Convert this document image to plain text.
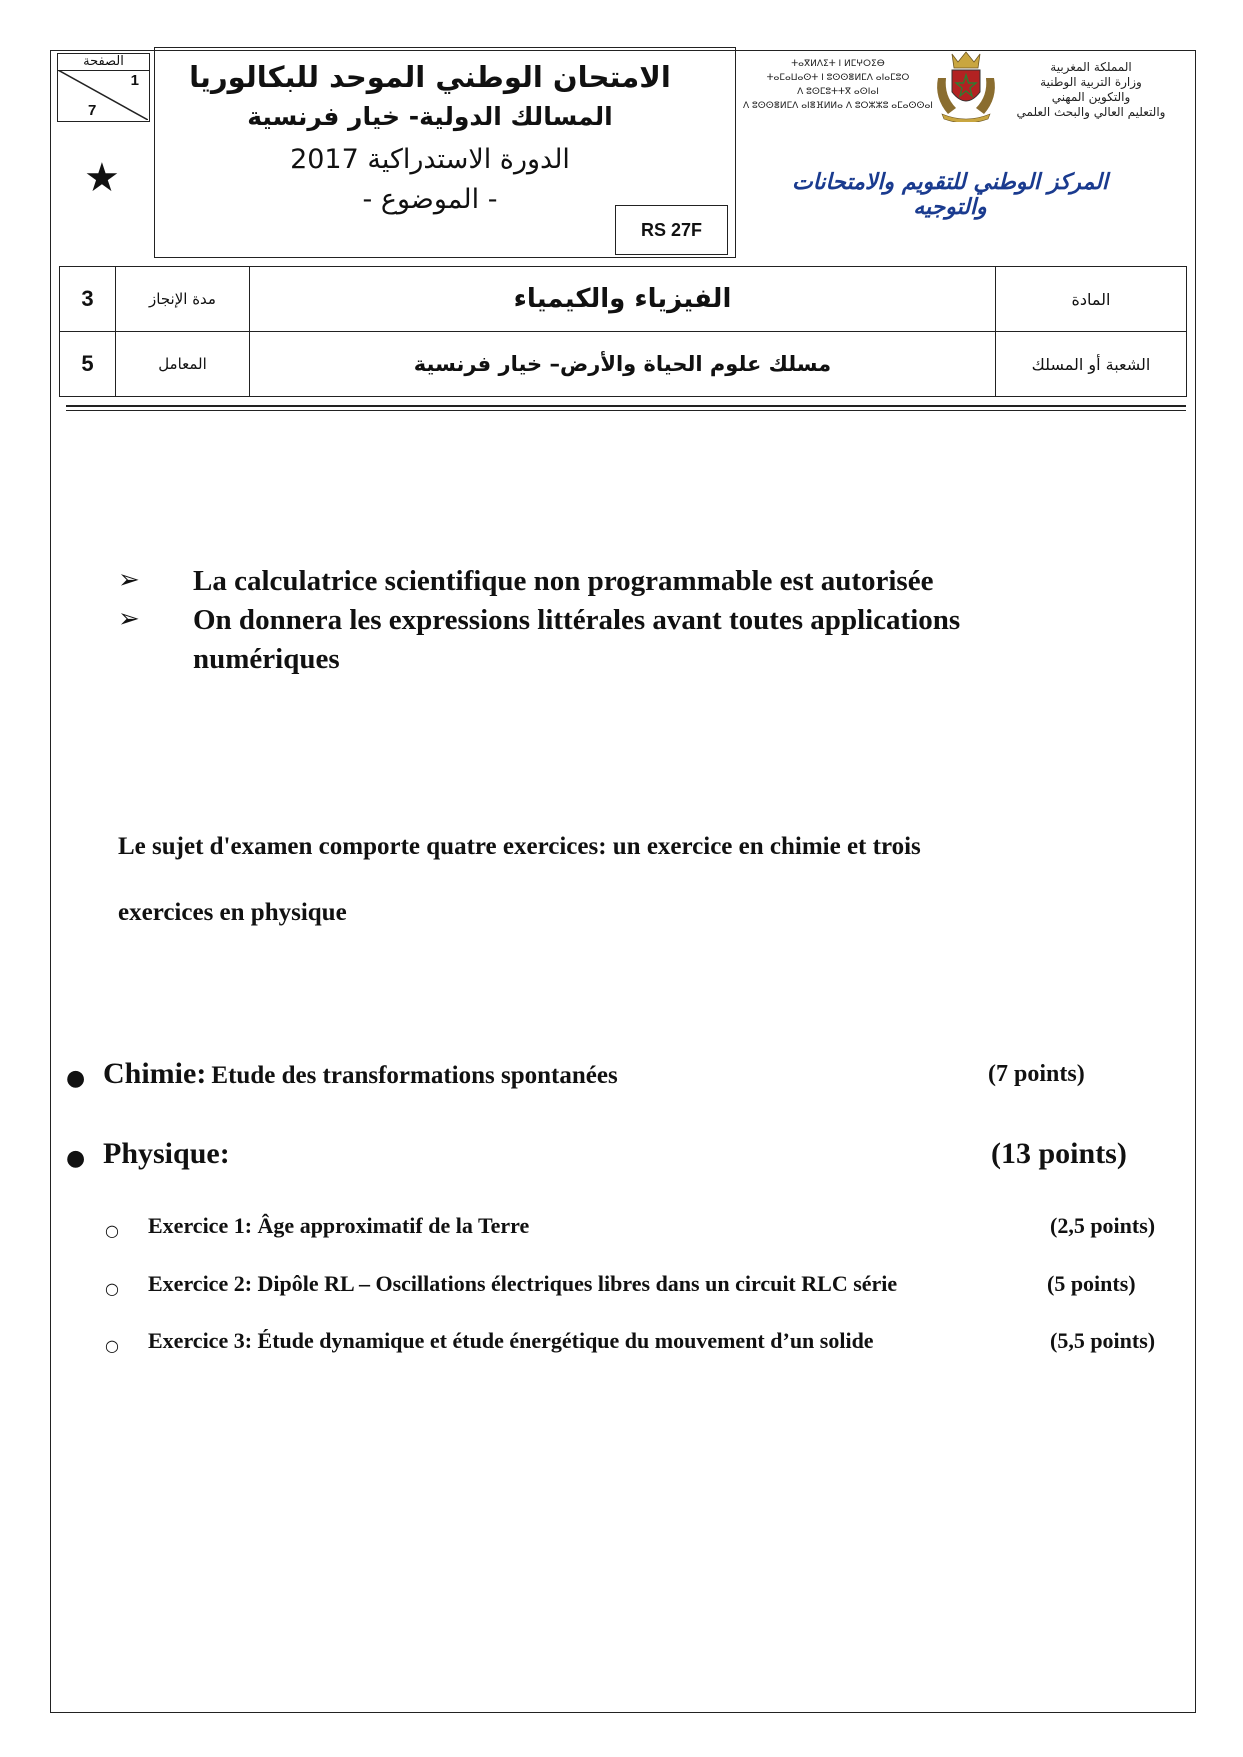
الصفحة
1
7
★
الامتحان الوطني الموحد للبكالوريا
المسالك الدولية- خيار فرنسية
الدورة الاستدراكية 2017
- الموضوع -
RS 27F
ⵜⴰⴳⵍⴷⵉⵜ ⵏ ⵍⵎⵖⵔⵉⴱ
ⵜⴰⵎⴰⵡⴰⵙⵜ ⵏ ⵓⵙⵙⴻⵍⵎⴷ ⴰⵏⴰⵎⵓⵔ
ⴷ ⵓⵙⵎⵓⵜⵜⴳ ⴰⵙⵏⴰⵏ
ⴷ ⵓⵙⵙⴻⵍⵎⴷ ⴰⵏⴻⴼⵍⵍⴰ ⴷ ⵓⵔⵣⵣⵓ ⴰⵎⴰⵙⵙⴰⵏ
المملكة المغربية
وزارة التربية الوطنية
والتكوين المهني
والتعليم العالي والبحث العلمي
المركز الوطني للتقويم والامتحانات والتوجيه
3	مدة الإنجاز	الفيزياء والكيمياء	المادة
5	المعامل	مسلك علوم الحياة والأرض– خيار فرنسية	الشعبة أو المسلك
➢ La calculatrice scientifique non programmable est autorisée
➢ On donnera les expressions littérales avant toutes applications
numériques
Le sujet d'examen comporte quatre exercices: un exercice en chimie et trois
exercices en physique
● Chimie: Etude des transformations spontanées	(7 points)
● Physique:	(13 points)
○ Exercice 1: Âge approximatif de la Terre	(2,5 points)
○ Exercice 2: Dipôle RL – Oscillations électriques libres dans un circuit RLC série	(5 points)
○ Exercice 3: Étude dynamique et étude énergétique du mouvement d’un solide	(5,5 points)
